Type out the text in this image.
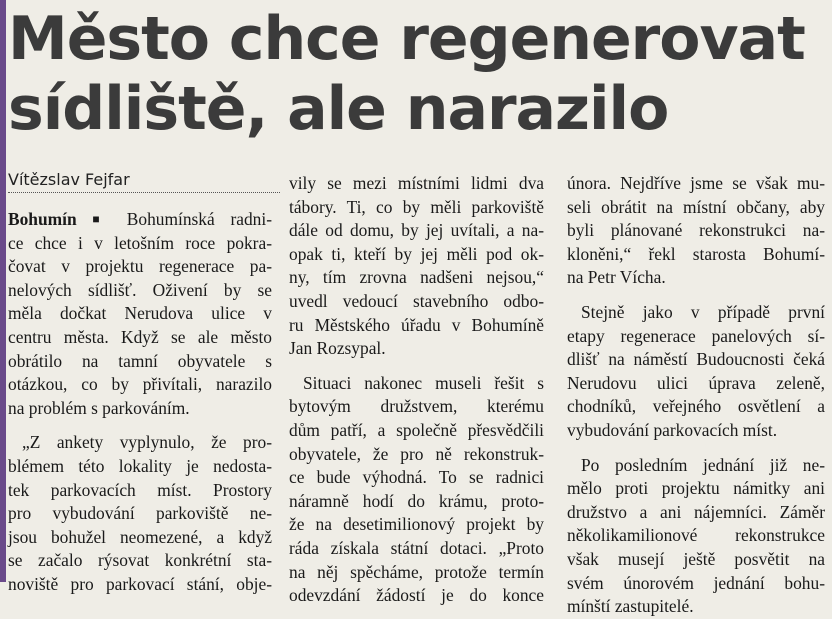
Město chce regenerovat
sídliště, ale narazilo
Vítězslav Fejfar
Bohumín ■ Bohumínská radni-
ce chce i v letošním roce pokra-
čovat v projektu regenerace pa-
nelových sídlišť. Oživení by se
měla dočkat Nerudova ulice v
centru města. Když se ale město
obrátilo na tamní obyvatele s
otázkou, co by přivítali, narazilo
na problém s parkováním.
„Z ankety vyplynulo, že pro-
blémem této lokality je nedosta-
tek parkovacích míst. Prostory
pro vybudování parkoviště ne-
jsou bohužel neomezené, a když
se začalo rýsovat konkrétní sta-
noviště pro parkovací stání, obje-
vily se mezi místními lidmi dva
tábory. Ti, co by měli parkoviště
dále od domu, by jej uvítali, a na-
opak ti, kteří by jej měli pod ok-
ny, tím zrovna nadšeni nejsou,“
uvedl vedoucí stavebního odbo-
ru Městského úřadu v Bohumíně
Jan Rozsypal.
Situaci nakonec museli řešit s
bytovým družstvem, kterému
dům patří, a společně přesvědčili
obyvatele, že pro ně rekonstruk-
ce bude výhodná. To se radnici
náramně hodí do krámu, proto-
že na desetimilionový projekt by
ráda získala státní dotaci. „Proto
na něj spěcháme, protože termín
odevzdání žádostí je do konce
února. Nejdříve jsme se však mu-
seli obrátit na místní občany, aby
byli plánované rekonstrukci na-
kloněni,“ řekl starosta Bohumí-
na Petr Vícha.
Stejně jako v případě první
etapy regenerace panelových sí-
dlišť na náměstí Budoucnosti čeká
Nerudovu ulici úprava zeleně,
chodníků, veřejného osvětlení a
vybudování parkovacích míst.
Po posledním jednání již ne-
mělo proti projektu námitky ani
družstvo a ani nájemníci. Záměr
několikamilionové rekonstrukce
však musejí ještě posvětit na
svém únorovém jednání bohu-
mínští zastupitelé.
